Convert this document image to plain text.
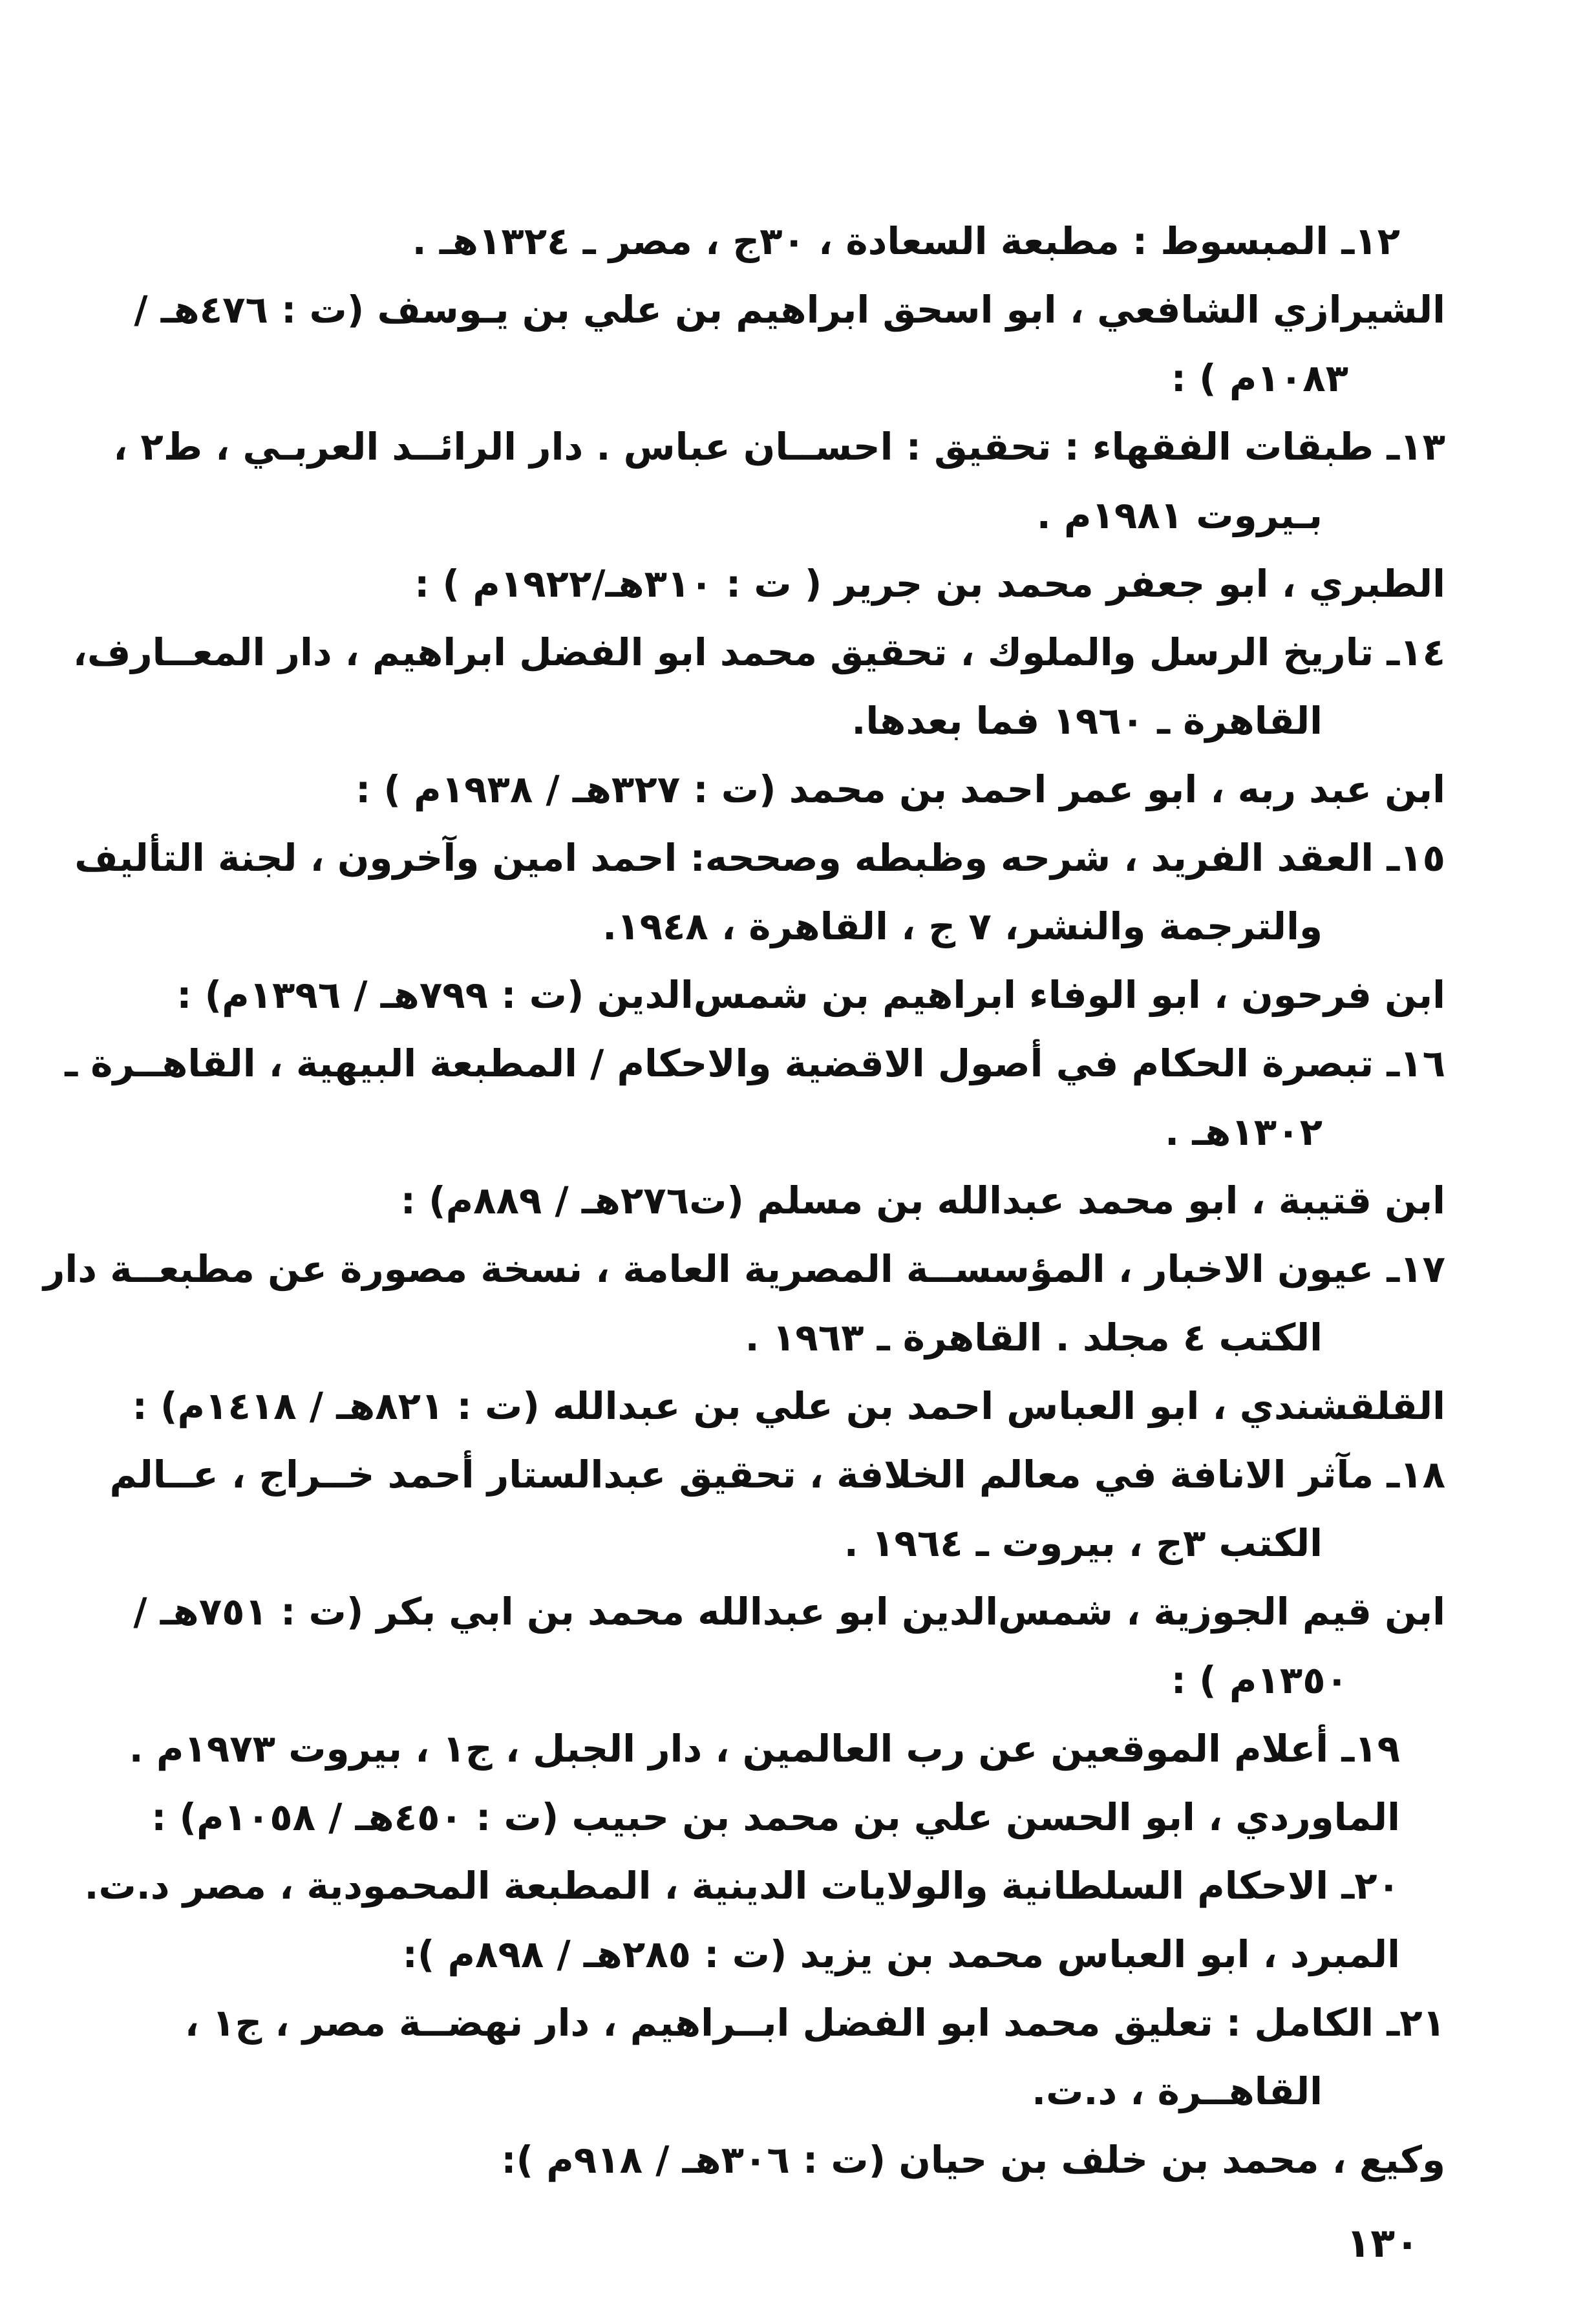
١٢ـ المبسوط : مطبعة السعادة ، ٣٠ج ، مصر ـ ١٣٢٤هـ .
الشيرازي الشافعي ، ابو اسحق ابراهيم بن علي بن يـوسف (ت : ٤٧٦هـ /
١٠٨٣م ) :
١٣ـ طبقات الفقهاء : تحقيق : احســان عباس . دار الرائــد العربـي ، ط٢ ،
بـيروت ١٩٨١م .
الطبري ، ابو جعفر محمد بن جرير ( ت : ٣١٠هـ/١٩٢٢م ) :
١٤ـ تاريخ الرسل والملوك ، تحقيق محمد ابو الفضل ابراهيم ، دار المعــارف،
القاهرة ـ ١٩٦٠ فما بعدها.
ابن عبد ربه ، ابو عمر احمد بن محمد (ت : ٣٢٧هـ / ١٩٣٨م ) :
١٥ـ العقد الفريد ، شرحه وظبطه وصححه: احمد امين وآخرون ، لجنة التأليف
والترجمة والنشر، ٧ ج ، القاهرة ، ١٩٤٨.
ابن فرحون ، ابو الوفاء ابراهيم بن شمس‌الدين (ت : ٧٩٩هـ / ١٣٩٦م) :
١٦ـ تبصرة الحكام في أصول الاقضية والاحكام / المطبعة البيهية ، القاهــرة ـ
١٣٠٢هـ .
ابن قتيبة ، ابو محمد عبدالله بن مسلم (ت٢٧٦هـ / ٨٨٩م) :
١٧ـ عيون الاخبار ، المؤسســة المصرية العامة ، نسخة مصورة عن مطبعــة دار
الكتب ٤ مجلد . القاهرة ـ ١٩٦٣ .
القلقشندي ، ابو العباس احمد بن علي بن عبدالله (ت : ٨٢١هـ / ١٤١٨م) :
١٨ـ مآثر الانافة في معالم الخلافة ، تحقيق عبدالستار أحمد خــراج ، عــالم
الكتب ٣ج ، بيروت ـ ١٩٦٤ .
ابن قيم الجوزية ، شمس‌الدين ابو عبدالله محمد بن ابي بكر (ت : ٧٥١هـ /
١٣٥٠م ) :
١٩ـ أعلام الموقعين عن رب العالمين ، دار الجبل ، ج١ ، بيروت ١٩٧٣م .
الماوردي ، ابو الحسن علي بن محمد بن حبيب (ت : ٤٥٠هـ / ١٠٥٨م) :
٢٠ـ الاحكام السلطانية والولايات الدينية ، المطبعة المحمودية ، مصر د.ت.
المبرد ، ابو العباس محمد بن يزيد (ت : ٢٨٥هـ / ٨٩٨م ):
٢١ـ الكامل : تعليق محمد ابو الفضل ابــراهيم ، دار نهضــة مصر ، ج١ ،
القاهــرة ، د.ت.
وكيع ، محمد بن خلف بن حيان (ت : ٣٠٦هـ / ٩١٨م ):
١٣٠
